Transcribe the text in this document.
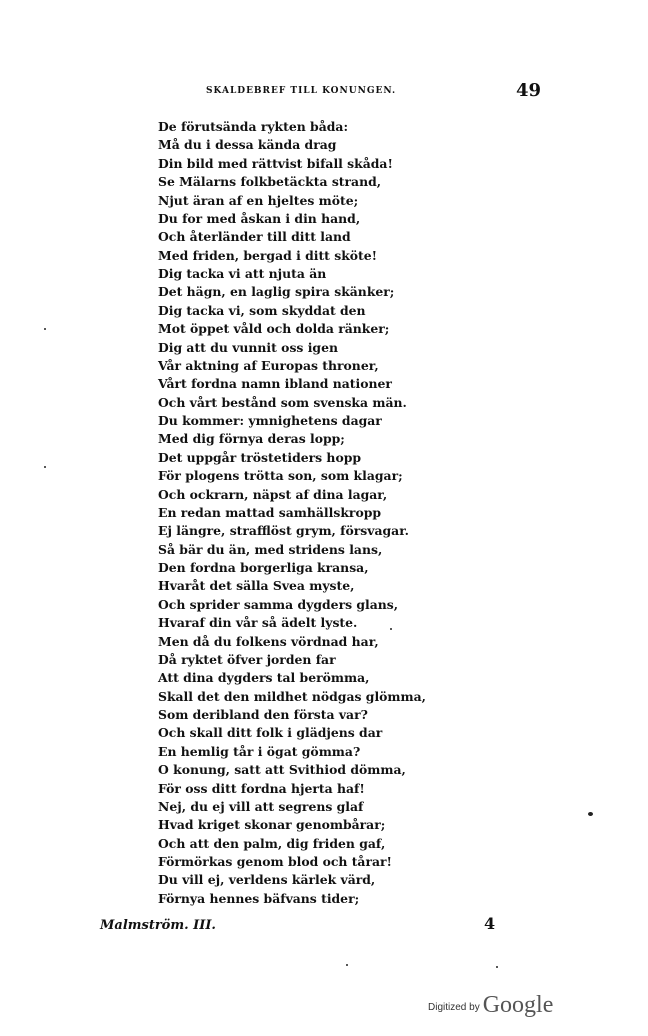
SKALDEBREF TILL KONUNGEN.	49
De förutsända rykten båda:
Må du i dessa kända drag
Din bild med rättvist bifall skåda!
Se Mälarns folkbetäckta strand,
Njut äran af en hjeltes möte;
Du for med åskan i din hand,
Och återländer till ditt land
Med friden, bergad i ditt sköte!
Dig tacka vi att njuta än
Det hägn, en laglig spira skänker;
Dig tacka vi, som skyddat den
Mot öppet våld och dolda ränker;
Dig att du vunnit oss igen
Vår aktning af Europas throner,
Vårt fordna namn ibland nationer
Och vårt bestånd som svenska män.
Du kommer: ymnighetens dagar
Med dig förnya deras lopp;
Det uppgår tröstetiders hopp
För plogens trötta son, som klagar;
Och ockrarn, näpst af dina lagar,
En redan mattad samhällskropp
Ej längre, strafflöst grym, försvagar.
Så bär du än, med stridens lans,
Den fordna borgerliga kransa,
Hvaråt det sälla Svea myste,
Och sprider samma dygders glans,
Hvaraf din vår så ädelt lyste.
Men då du folkens vördnad har,
Då ryktet öfver jorden far
Att dina dygders tal berömma,
Skall det den mildhet nödgas glömma,
Som deribland den första var?
Och skall ditt folk i glädjens dar
En hemlig tår i ögat gömma?
O konung, satt att Svithiod dömma,
För oss ditt fordna hjerta haf!
Nej, du ej vill att segrens glaf
Hvad kriget skonar genombårar;
Och att den palm, dig friden gaf,
Förmörkas genom blod och tårar!
Du vill ej, verldens kärlek värd,
Förnya hennes bäfvans tider;
Malmström. III.	4
Digitized by Google
